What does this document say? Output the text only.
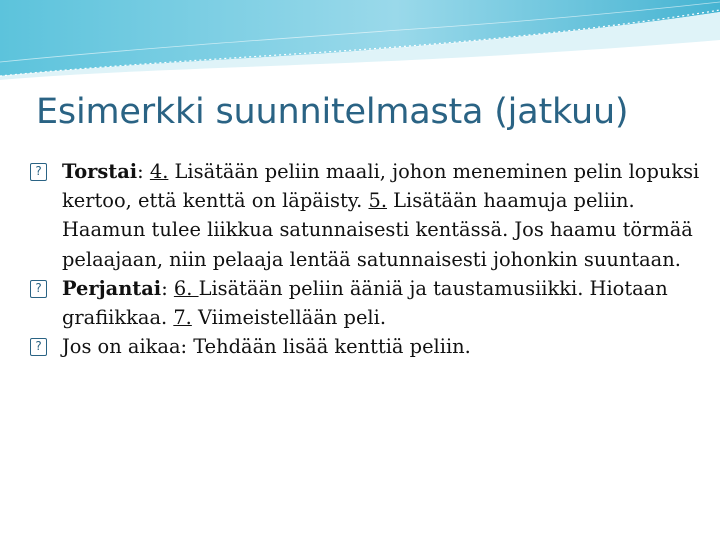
Esimerkki suunnitelmasta (jatkuu)
? Torstai: 4. Lisätään peliin maali, johon meneminen pelin lopuksi kertoo, että kenttä on läpäisty. 5. Lisätään haamuja peliin. Haamun tulee liikkua satunnaisesti kentässä. Jos haamu törmää pelaajaan, niin pelaaja lentää satunnaisesti johonkin suuntaan.
? Perjantai: 6. Lisätään peliin ääniä ja taustamusiikki. Hiotaan grafiikkaa. 7. Viimeistellään peli.
? Jos on aikaa: Tehdään lisää kenttiä peliin.
